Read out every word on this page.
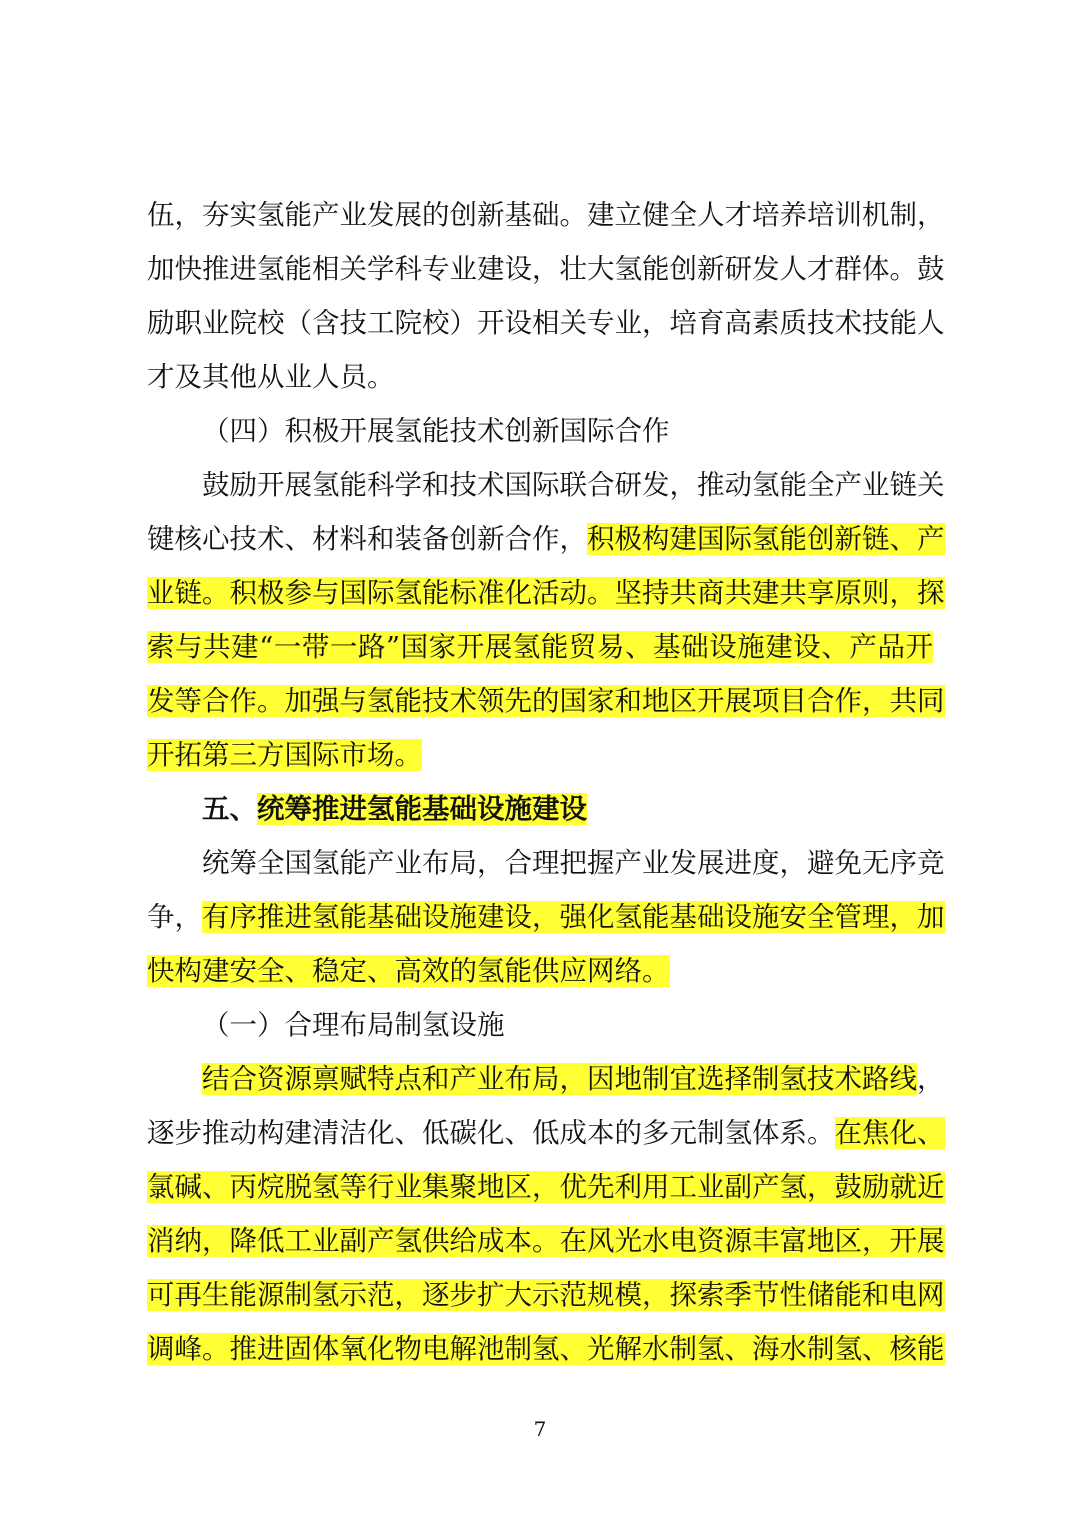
伍，夯实氢能产业发展的创新基础。建立健全人才培养培训机制，
加快推进氢能相关学科专业建设，壮大氢能创新研发人才群体。鼓
励职业院校（含技工院校）开设相关专业，培育高素质技术技能人
才及其他从业人员。
（四）积极开展氢能技术创新国际合作
鼓励开展氢能科学和技术国际联合研发，推动氢能全产业链关
键核心技术、材料和装备创新合作，积极构建国际氢能创新链、产
业链。积极参与国际氢能标准化活动。坚持共商共建共享原则，探
索与共建“一带一路”国家开展氢能贸易、基础设施建设、产品开
发等合作。加强与氢能技术领先的国家和地区开展项目合作，共同
开拓第三方国际市场。
五、统筹推进氢能基础设施建设
统筹全国氢能产业布局，合理把握产业发展进度，避免无序竞
争，有序推进氢能基础设施建设，强化氢能基础设施安全管理，加
快构建安全、稳定、高效的氢能供应网络。
（一）合理布局制氢设施
结合资源禀赋特点和产业布局，因地制宜选择制氢技术路线，
逐步推动构建清洁化、低碳化、低成本的多元制氢体系。在焦化、
氯碱、丙烷脱氢等行业集聚地区，优先利用工业副产氢，鼓励就近
消纳，降低工业副产氢供给成本。在风光水电资源丰富地区，开展
可再生能源制氢示范，逐步扩大示范规模，探索季节性储能和电网
调峰。推进固体氧化物电解池制氢、光解水制氢、海水制氢、核能
7
